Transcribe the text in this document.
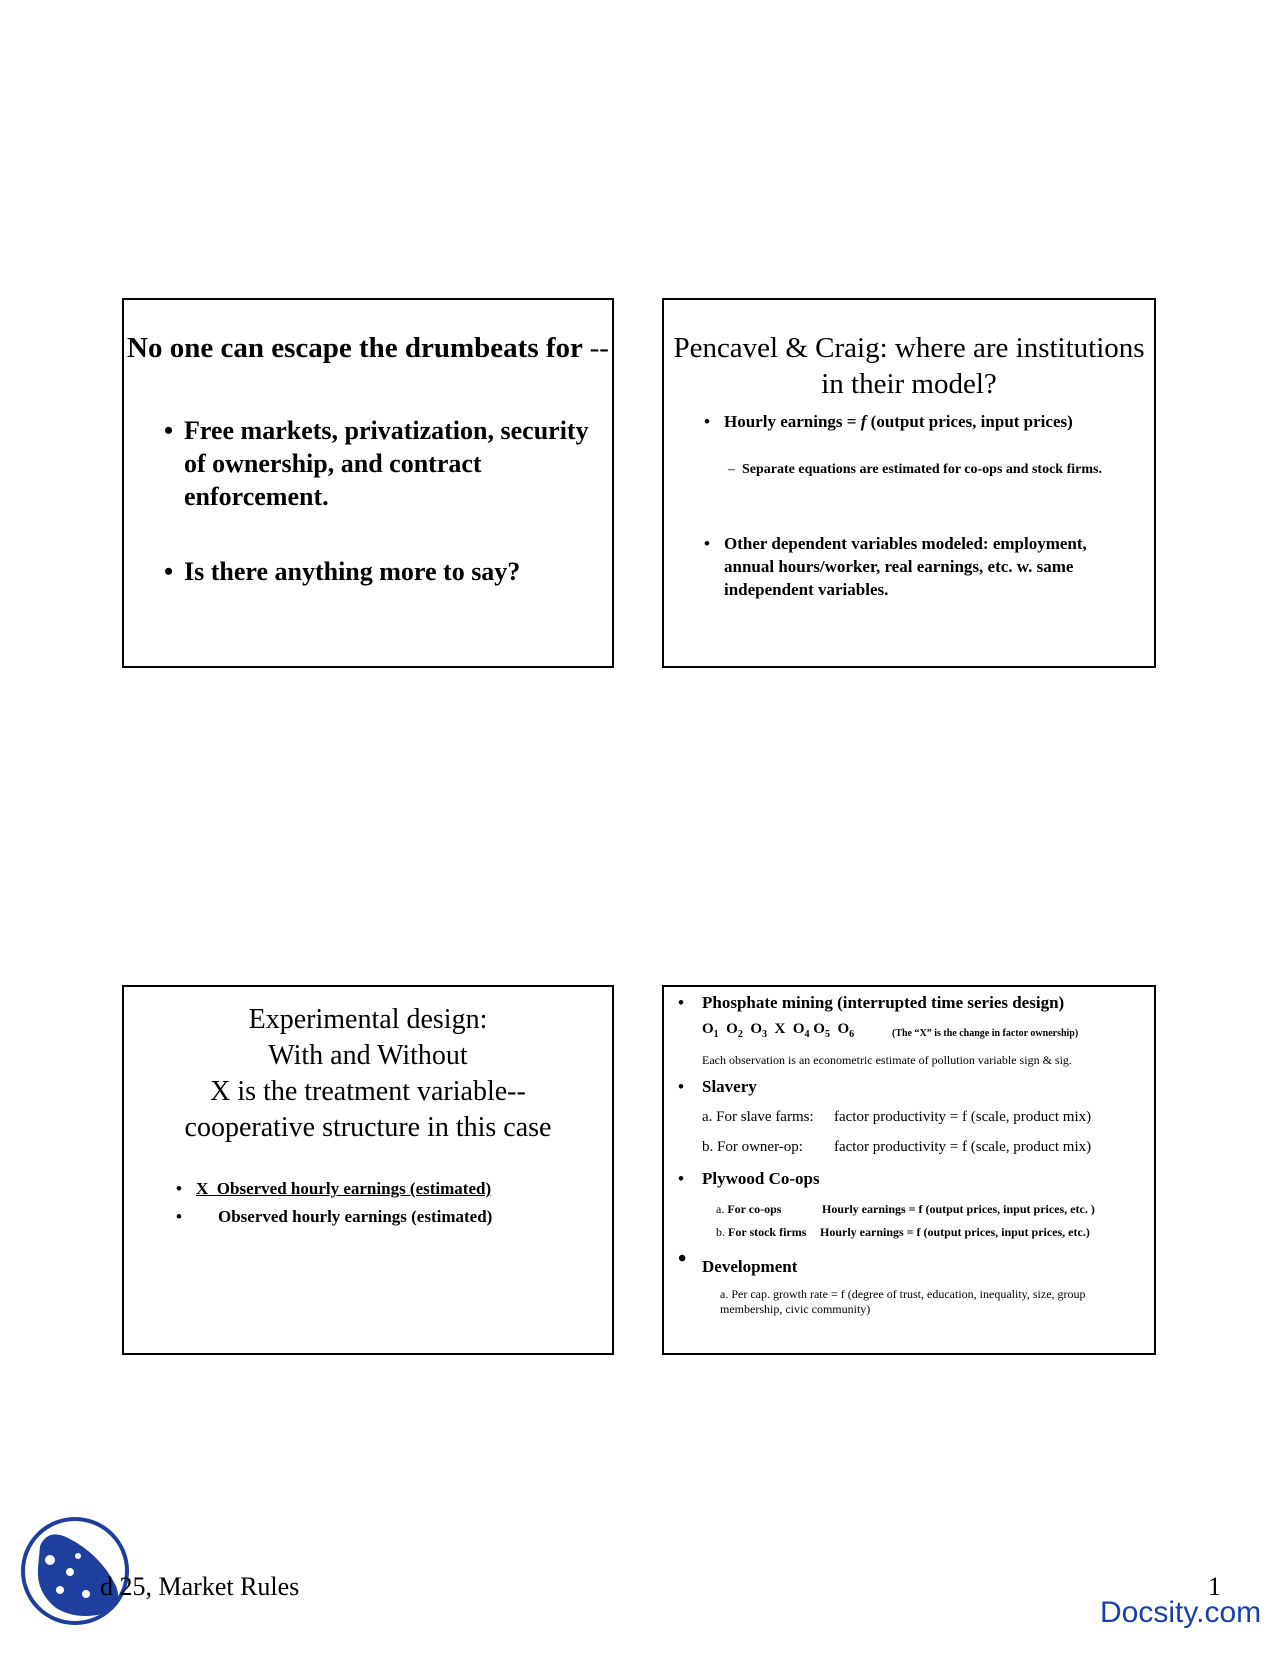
No one can escape the drumbeats for --
• Free markets, privatization, security of ownership, and contract enforcement.
• Is there anything more to say?
Pencavel & Craig: where are institutions in their model?
• Hourly earnings = f (output prices, input prices)
– Separate equations are estimated for co-ops and stock firms.
• Other dependent variables modeled: employment, annual hours/worker, real earnings, etc. w. same independent variables.
Experimental design:
With and Without
X is the treatment variable--
cooperative structure in this case
• X Observed hourly earnings (estimated)
•	Observed hourly earnings (estimated)
•	Phosphate mining (interrupted time series design)
$O_1$  $O_2$  $O_3$  X  $O_4$ $O_5$  $O_6$	(The “X” is the change in factor ownership)
Each observation is an econometric estimate of pollution variable sign & sig.
•	Slavery
a. For slave farms: factor productivity = f (scale, product mix)
b. For owner-op: factor productivity = f (scale, product mix)
•	Plywood Co-ops
a. For co-ops	Hourly earnings = f (output prices, input prices, etc. )
b. For stock firms Hourly earnings = f (output prices, input prices, etc.)
• Development
a. Per cap. growth rate = f (degree of trust, education, inequality, size, group membership, civic community)
d 25, Market Rules	1
Docsity.com
